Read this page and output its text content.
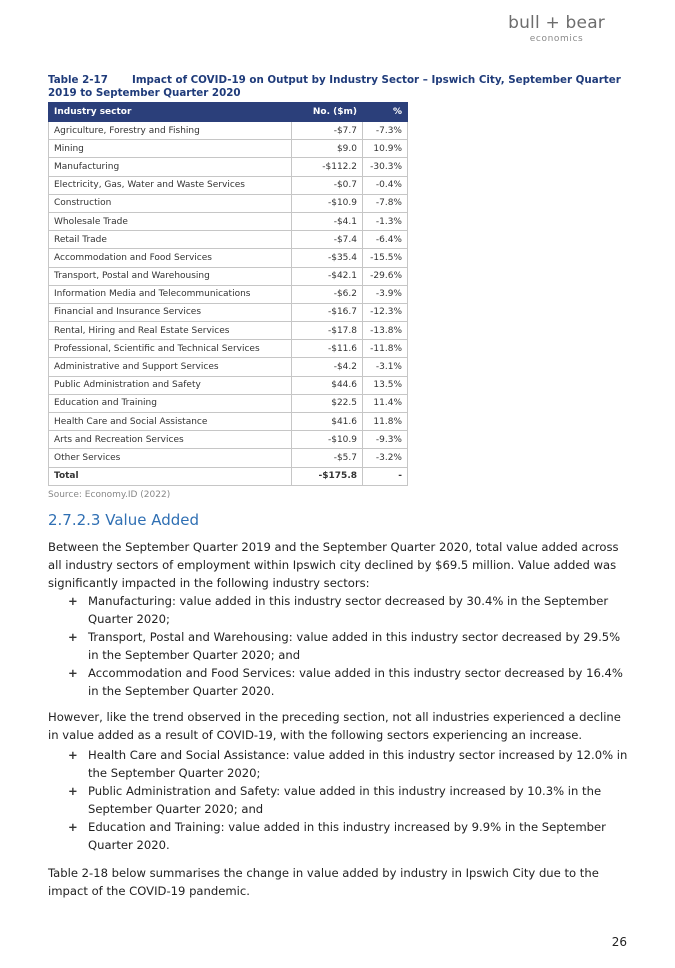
bull + bear
economics
Table 2-17 Impact of COVID-19 on Output by Industry Sector – Ipswich City, September Quarter 2019 to September Quarter 2020
Industry sector	No. ($m)	%
Agriculture, Forestry and Fishing	-$7.7	-7.3%
Mining	$9.0	10.9%
Manufacturing	-$112.2	-30.3%
Electricity, Gas, Water and Waste Services	-$0.7	-0.4%
Construction	-$10.9	-7.8%
Wholesale Trade	-$4.1	-1.3%
Retail Trade	-$7.4	-6.4%
Accommodation and Food Services	-$35.4	-15.5%
Transport, Postal and Warehousing	-$42.1	-29.6%
Information Media and Telecommunications	-$6.2	-3.9%
Financial and Insurance Services	-$16.7	-12.3%
Rental, Hiring and Real Estate Services	-$17.8	-13.8%
Professional, Scientific and Technical Services	-$11.6	-11.8%
Administrative and Support Services	-$4.2	-3.1%
Public Administration and Safety	$44.6	13.5%
Education and Training	$22.5	11.4%
Health Care and Social Assistance	$41.6	11.8%
Arts and Recreation Services	-$10.9	-9.3%
Other Services	-$5.7	-3.2%
Total	-$175.8	-
Source: Economy.ID (2022)
2.7.2.3 Value Added
Between the September Quarter 2019 and the September Quarter 2020, total value added across all industry sectors of employment within Ipswich city declined by $69.5 million. Value added was significantly impacted in the following industry sectors:
+ Manufacturing: value added in this industry sector decreased by 30.4% in the September Quarter 2020;
+ Transport, Postal and Warehousing: value added in this industry sector decreased by 29.5% in the September Quarter 2020; and
+ Accommodation and Food Services: value added in this industry sector decreased by 16.4% in the September Quarter 2020.
However, like the trend observed in the preceding section, not all industries experienced a decline in value added as a result of COVID-19, with the following sectors experiencing an increase.
+ Health Care and Social Assistance: value added in this industry sector increased by 12.0% in the September Quarter 2020;
+ Public Administration and Safety: value added in this industry increased by 10.3% in the September Quarter 2020; and
+ Education and Training: value added in this industry increased by 9.9% in the September Quarter 2020.
Table 2-18 below summarises the change in value added by industry in Ipswich City due to the impact of the COVID-19 pandemic.
26
